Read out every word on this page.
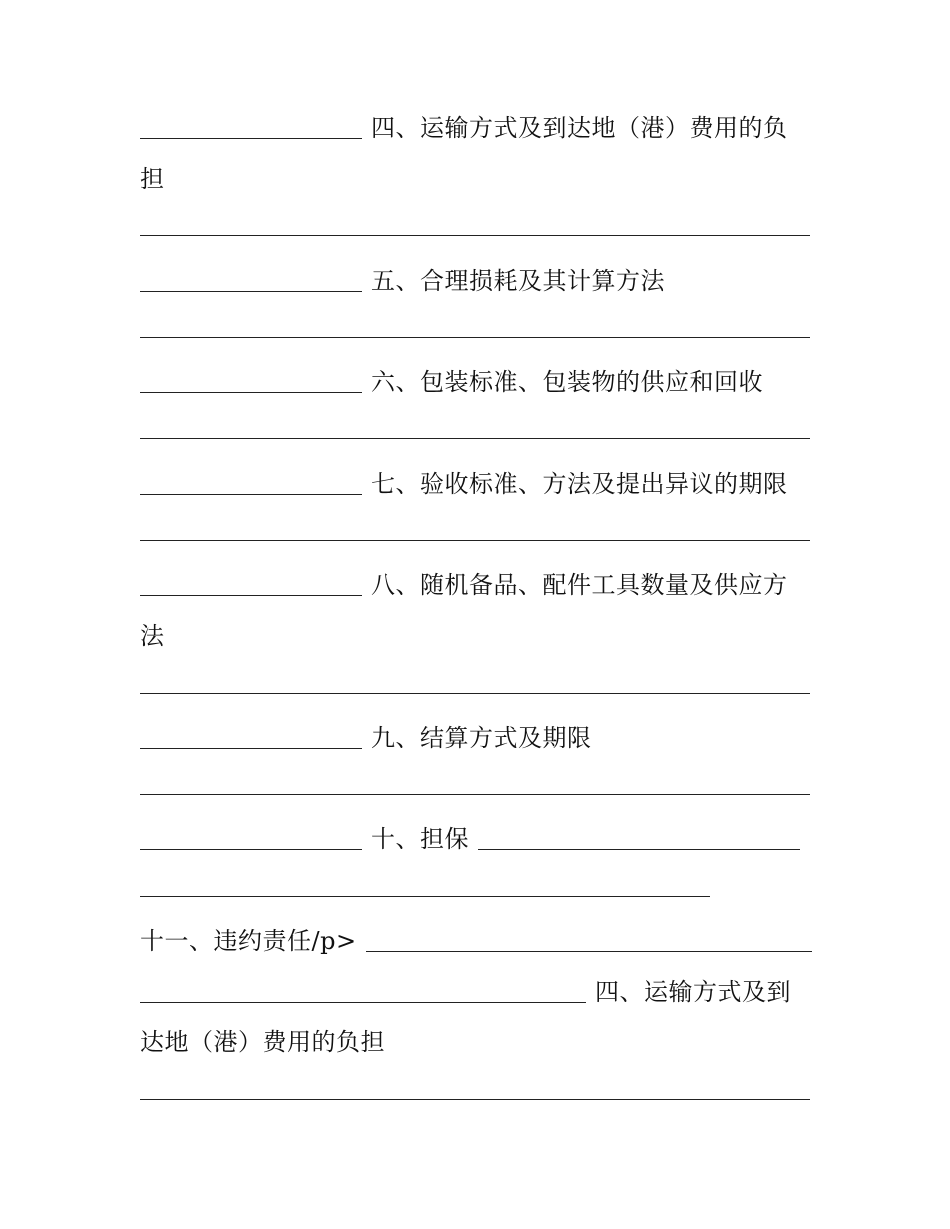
四、运输方式及到达地（港）费用的负
担
五、合理损耗及其计算方法
六、包装标准、包装物的供应和回收
七、验收标准、方法及提出异议的期限
八、随机备品、配件工具数量及供应方
法
九、结算方式及期限
十、担保
十一、违约责任/p>
四、运输方式及到
达地（港）费用的负担
